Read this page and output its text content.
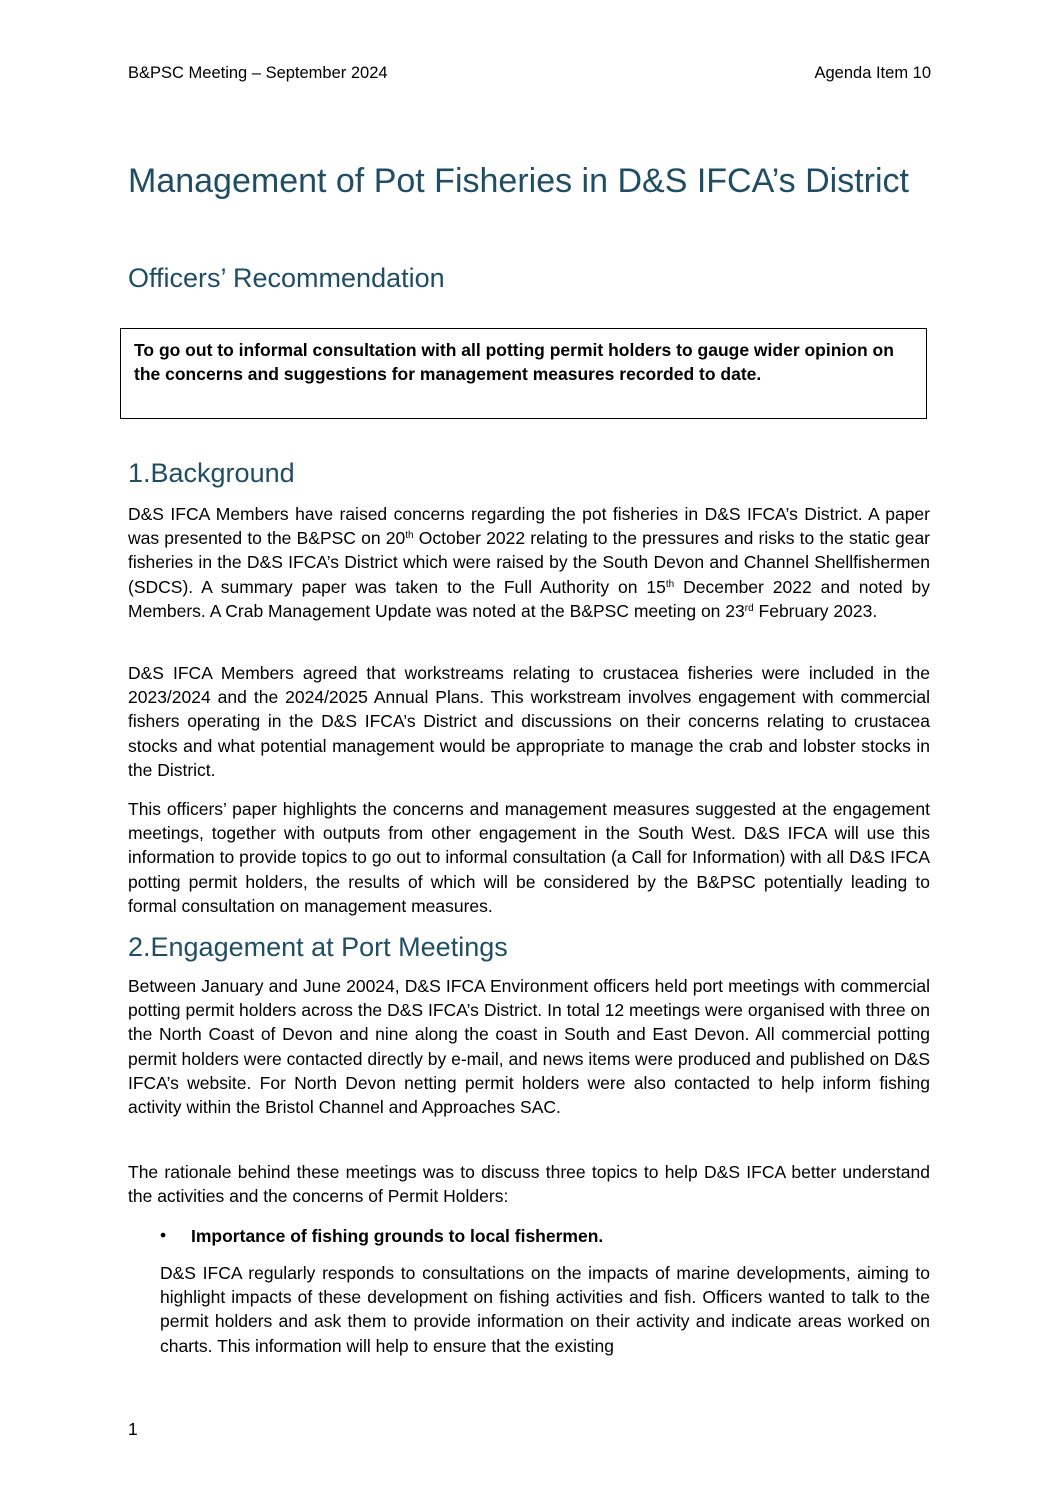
B&PSC Meeting – September 2024	Agenda Item 10
Management of Pot Fisheries in D&S IFCA’s District
Officers’ Recommendation

To go out to informal consultation with all potting permit holders to gauge wider opinion on the concerns and suggestions for management measures recorded to date.

1.Background

D&S IFCA Members have raised concerns regarding the pot fisheries in D&S IFCA’s District. A paper was presented to the B&PSC on 20th October 2022 relating to the pressures and risks to the static gear fisheries in the D&S IFCA’s District which were raised by the South Devon and Channel Shellfishermen (SDCS). A summary paper was taken to the Full Authority on 15th December 2022 and noted by Members. A Crab Management Update was noted at the B&PSC meeting on 23rd February 2023.

D&S IFCA Members agreed that workstreams relating to crustacea fisheries were included in the 2023/2024 and the 2024/2025 Annual Plans. This workstream involves engagement with commercial fishers operating in the D&S IFCA’s District and discussions on their concerns relating to crustacea stocks and what potential management would be appropriate to manage the crab and lobster stocks in the District.

This officers’ paper highlights the concerns and management measures suggested at the engagement meetings, together with outputs from other engagement in the South West. D&S IFCA will use this information to provide topics to go out to informal consultation (a Call for Information) with all D&S IFCA potting permit holders, the results of which will be considered by the B&PSC potentially leading to formal consultation on management measures.

2.Engagement at Port Meetings

Between January and June 20024, D&S IFCA Environment officers held port meetings with commercial potting permit holders across the D&S IFCA’s District. In total 12 meetings were organised with three on the North Coast of Devon and nine along the coast in South and East Devon. All commercial potting permit holders were contacted directly by e-mail, and news items were produced and published on D&S IFCA’s website. For North Devon netting permit holders were also contacted to help inform fishing activity within the Bristol Channel and Approaches SAC.

The rationale behind these meetings was to discuss three topics to help D&S IFCA better understand the activities and the concerns of Permit Holders:

• Importance of fishing grounds to local fishermen.

D&S IFCA regularly responds to consultations on the impacts of marine developments, aiming to highlight impacts of these development on fishing activities and fish. Officers wanted to talk to the permit holders and ask them to provide information on their activity and indicate areas worked on charts. This information will help to ensure that the existing

1
